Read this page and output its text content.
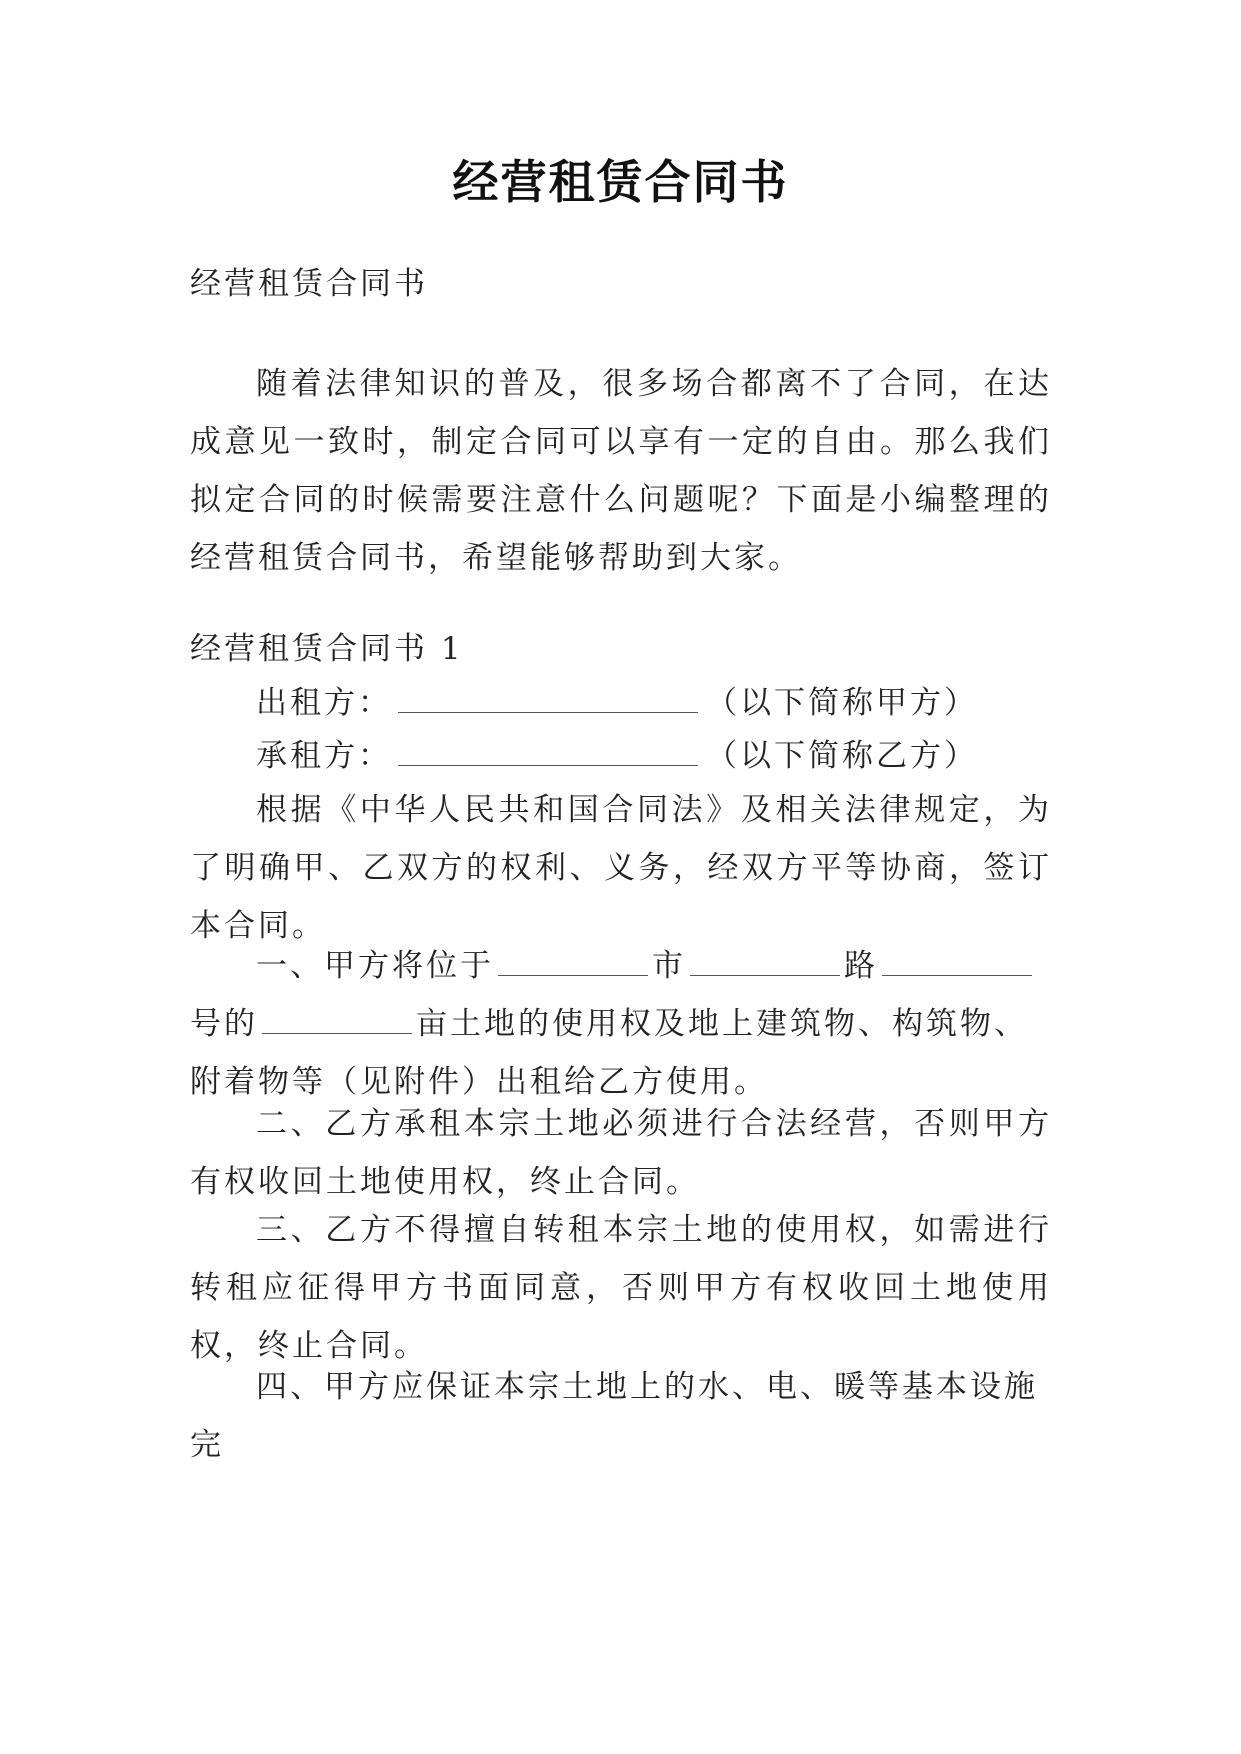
经营租赁合同书

经营租赁合同书

随着法律知识的普及，很多场合都离不了合同，在达成意见一致时，制定合同可以享有一定的自由。那么我们拟定合同的时候需要注意什么问题呢？下面是小编整理的经营租赁合同书，希望能够帮助到大家。

经营租赁合同书 1

出租方：	（以下简称甲方）

承租方：	（以下简称乙方）

根据《中华人民共和国合同法》及相关法律规定，为了明确甲、乙双方的权利、义务，经双方平等协商，签订本合同。

一、甲方将位于	市	路号的	亩土地的使用权及地上建筑物、构筑物、附着物等（见附件）出租给乙方使用。

二、乙方承租本宗土地必须进行合法经营，否则甲方有权收回土地使用权，终止合同。

三、乙方不得擅自转租本宗土地的使用权，如需进行转租应征得甲方书面同意，否则甲方有权收回土地使用权，终止合同。

四、甲方应保证本宗土地上的水、电、暖等基本设施完
